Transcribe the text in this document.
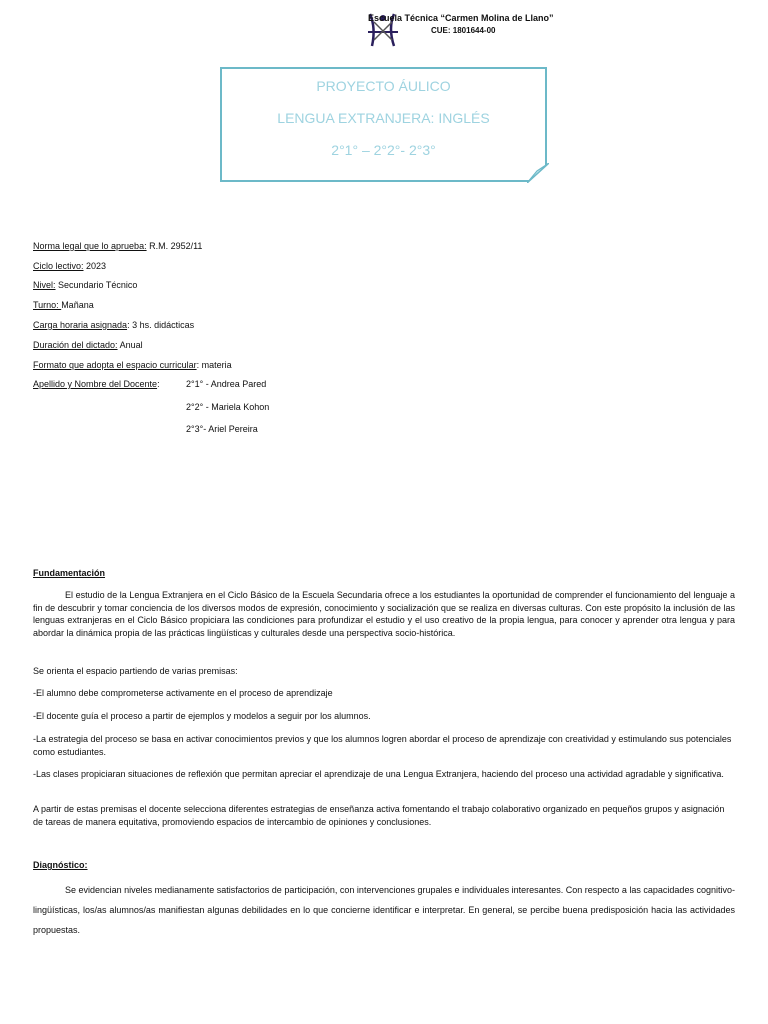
Escuela Técnica “Carmen Molina de Llano”
CUE: 1801644-00
PROYECTO ÁULICO
LENGUA EXTRANJERA: INGLÉS
2°1° – 2°2°- 2°3°
Norma legal que lo aprueba: R.M. 2952/11
Ciclo lectivo: 2023
Nivel: Secundario Técnico
Turno: Mañana
Carga horaria asignada: 3 hs. didácticas
Duración del dictado: Anual
Formato que adopta el espacio curricular: materia
Apellido y Nombre del Docente:	2°1° - Andrea Pared
2°2° - Mariela Kohon
2°3°- Ariel Pereira
Fundamentación
El estudio de la Lengua Extranjera en el Ciclo Básico de la Escuela Secundaria ofrece a los estudiantes la oportunidad de comprender el funcionamiento del lenguaje a fin de descubrir y tomar conciencia de los diversos modos de expresión, conocimiento y socialización que se realiza en diversas culturas. Con este propósito la inclusión de las lenguas extranjeras en el Ciclo Básico propiciara las condiciones para profundizar el estudio y el uso creativo de la propia lengua, para conocer y aprender otra lengua y para abordar la dinámica propia de las prácticas lingüísticas y culturales desde una perspectiva socio-histórica.
Se orienta el espacio partiendo de varias premisas:
-El alumno debe comprometerse activamente en el proceso de aprendizaje
-El docente guía el proceso a partir de ejemplos y modelos a seguir por los alumnos.
-La estrategia del proceso se basa en activar conocimientos previos y que los alumnos logren abordar el proceso de aprendizaje con creatividad y estimulando sus potenciales como estudiantes.
-Las clases propiciaran situaciones de reflexión que permitan apreciar el aprendizaje de una Lengua Extranjera, haciendo del proceso una actividad agradable y significativa.
A partir de estas premisas el docente selecciona diferentes estrategias de enseñanza activa fomentando el trabajo colaborativo organizado en pequeños grupos y asignación de tareas de manera equitativa, promoviendo espacios de intercambio de opiniones y conclusiones.
Diagnóstico:
Se evidencian niveles medianamente satisfactorios de participación, con intervenciones grupales e individuales interesantes. Con respecto a las capacidades cognitivo-lingüísticas, los/as alumnos/as manifiestan algunas debilidades en lo que concierne identificar e interpretar. En general, se percibe buena predisposición hacia las actividades propuestas.
